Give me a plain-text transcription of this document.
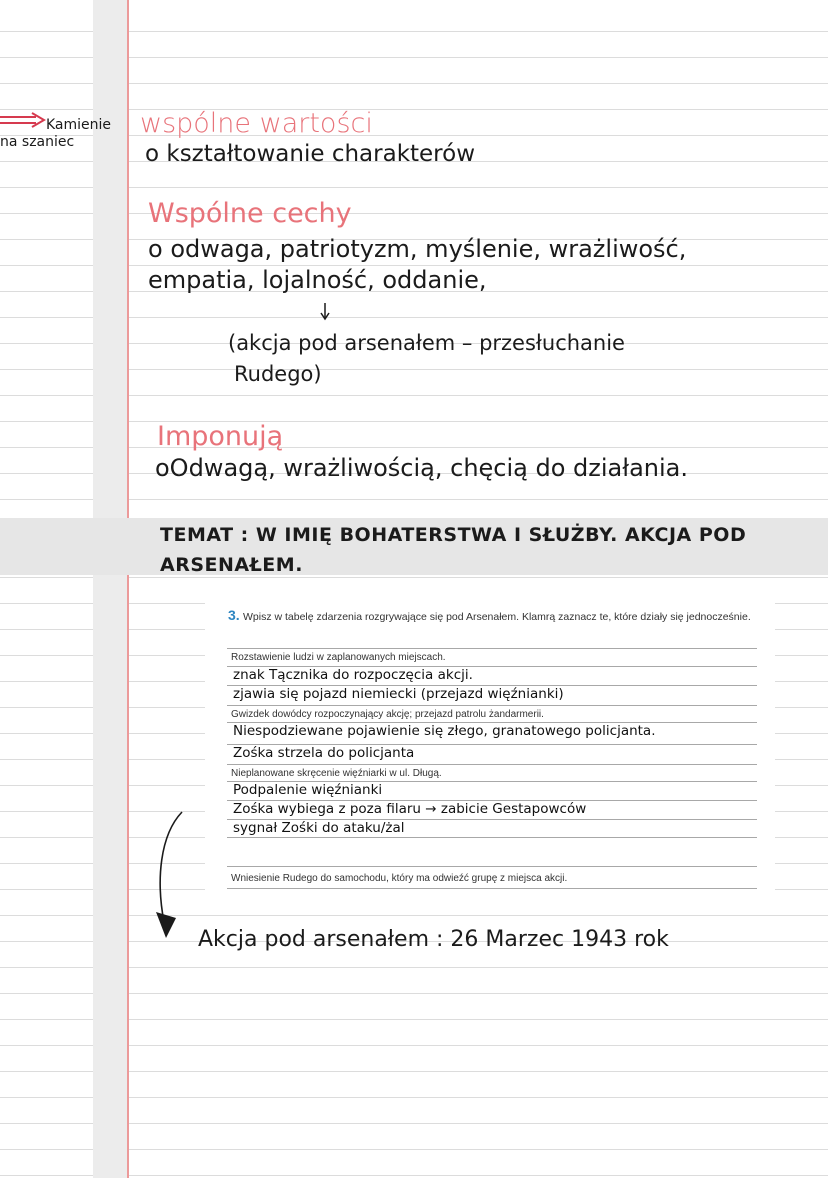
Kamienie
na szaniec
wspólne wartości
o kształtowanie charakterów
Wspólne cechy
o odwaga, patriotyzm, myślenie, wrażliwość,
empatia, lojalność, oddanie,
(akcja pod arsenałem – przesłuchanie
Rudego)
Imponują
oOdwagą, wrażliwością, chęcią do działania.
TEMAT : W IMIĘ BOHATERSTWA I SŁUŻBY. AKCJA POD
ARSENAŁEM.
3. Wpisz w tabelę zdarzenia rozgrywające się pod Arsenałem. Klamrą zaznacz te, które działy się jednocześnie.
Rozstawienie ludzi w zaplanowanych miejscach.
znak Tącznika do rozpoczęcia akcji.
zjawia się pojazd niemiecki (przejazd więźnianki)
Gwizdek dowódcy rozpoczynający akcję; przejazd patrolu żandarmerii.
Niespodziewane pojawienie się złego, granatowego policjanta.
Zośka strzela do policjanta
Nieplanowane skręcenie więźniarki w ul. Długą.
Podpalenie więźnianki
Zośka wybiega z poza filaru → zabicie Gestapowców
sygnał Zośki do ataku/żal
Wniesienie Rudego do samochodu, który ma odwieźć grupę z miejsca akcji.
Akcja pod arsenałem : 26 Marzec 1943 rok
